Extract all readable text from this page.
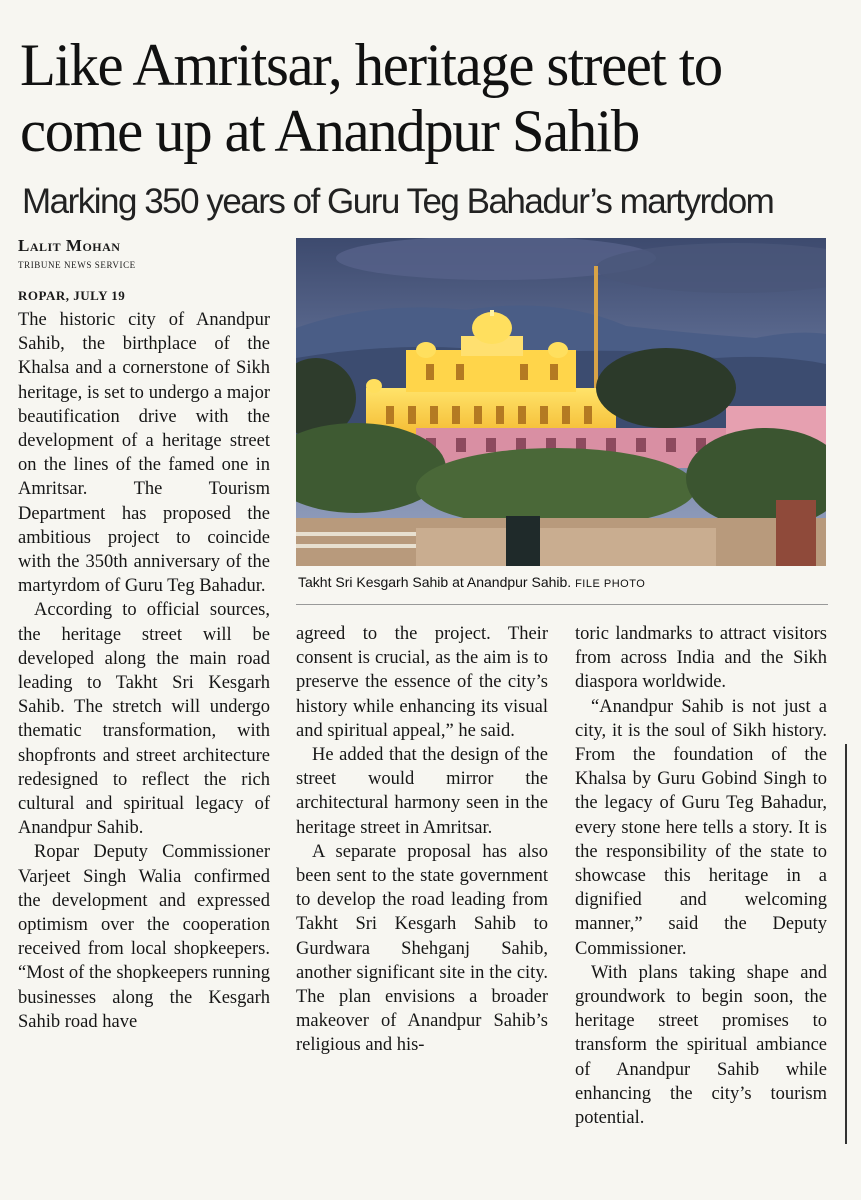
Like Amritsar, heritage street to come up at Anandpur Sahib
Marking 350 years of Guru Teg Bahadur’s martyrdom
Lalit Mohan
TRIBUNE NEWS SERVICE
ROPAR, JULY 19
Takht Sri Kesgarh Sahib at Anandpur Sahib. FILE PHOTO

The historic city of Anandpur Sahib, the birthplace of the Khalsa and a cornerstone of Sikh heritage, is set to undergo a major beautification drive with the development of a heritage street on the lines of the famed one in Amritsar. The Tourism Department has proposed the ambitious project to coincide with the 350th anniversary of the martyrdom of Guru Teg Bahadur.

According to official sources, the heritage street will be developed along the main road leading to Takht Sri Kesgarh Sahib. The stretch will undergo thematic transformation, with shopfronts and street architecture redesigned to reflect the rich cultural and spiritual legacy of Anandpur Sahib.

Ropar Deputy Commissioner Varjeet Singh Walia confirmed the development and expressed optimism over the cooperation received from local shopkeepers. “Most of the shopkeepers running businesses along the Kesgarh Sahib road have

agreed to the project. Their consent is crucial, as the aim is to preserve the essence of the city’s history while enhancing its visual and spiritual appeal,” he said.

He added that the design of the street would mirror the architectural harmony seen in the heritage street in Amritsar.

A separate proposal has also been sent to the state government to develop the road leading from Takht Sri Kesgarh Sahib to Gurdwara Shehganj Sahib, another significant site in the city. The plan envisions a broader makeover of Anandpur Sahib’s religious and his-

toric landmarks to attract visitors from across India and the Sikh diaspora worldwide.

“Anandpur Sahib is not just a city, it is the soul of Sikh history. From the foundation of the Khalsa by Guru Gobind Singh to the legacy of Guru Teg Bahadur, every stone here tells a story. It is the responsibility of the state to showcase this heritage in a dignified and welcoming manner,” said the Deputy Commissioner.

With plans taking shape and groundwork to begin soon, the heritage street promises to transform the spiritual ambiance of Anandpur Sahib while enhancing the city’s tourism potential.
